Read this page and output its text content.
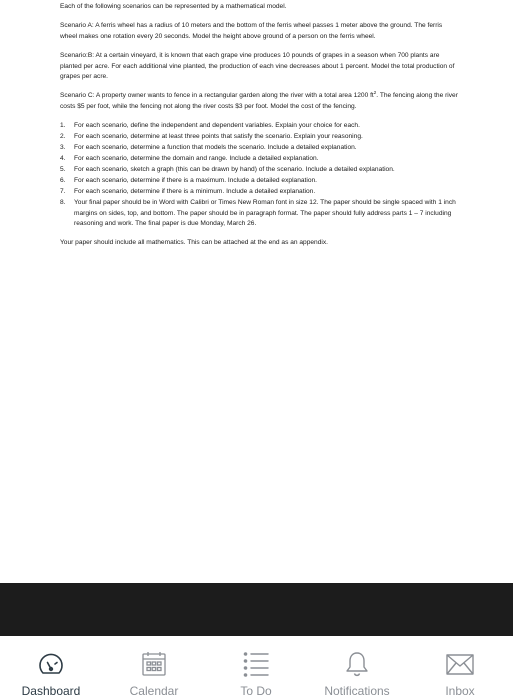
Each of the following scenarios can be represented by a mathematical model.

Scenario A: A ferris wheel has a radius of 10 meters and the bottom of the ferris wheel passes 1 meter above the ground. The ferris wheel makes one rotation every 20 seconds. Model the height above ground of a person on the ferris wheel.

Scenario:B: At a certain vineyard, it is known that each grape vine produces 10 pounds of grapes in a season when 700 plants are planted per acre. For each additional vine planted, the production of each vine decreases about 1 percent. Model the total production of grapes per acre.

Scenario C: A property owner wants to fence in a rectangular garden along the river with a total area 1200 $ft^2$. The fencing along the river costs $5 per foot, while the fencing not along the river costs $3 per foot. Model the cost of the fencing.

1. For each scenario, define the independent and dependent variables. Explain your choice for each.
2. For each scenario, determine at least three points that satisfy the scenario. Explain your reasoning.
3. For each scenario, determine a function that models the scenario. Include a detailed explanation.
4. For each scenario, determine the domain and range. Include a detailed explanation.
5. For each scenario, sketch a graph (this can be drawn by hand) of the scenario. Include a detailed explanation.
6. For each scenario, determine if there is a maximum. Include a detailed explanation.
7. For each scenario, determine if there is a minimum. Include a detailed explanation.
8. Your final paper should be in Word with Calibri or Times New Roman font in size 12. The paper should be single spaced with 1 inch margins on sides, top, and bottom. The paper should be in paragraph format. The paper should fully address parts 1 – 7 including reasoning and work. The final paper is due Monday, March 26.

Your paper should include all mathematics. This can be attached at the end as an appendix.

Dashboard	Calendar	To Do	Notifications	Inbox
